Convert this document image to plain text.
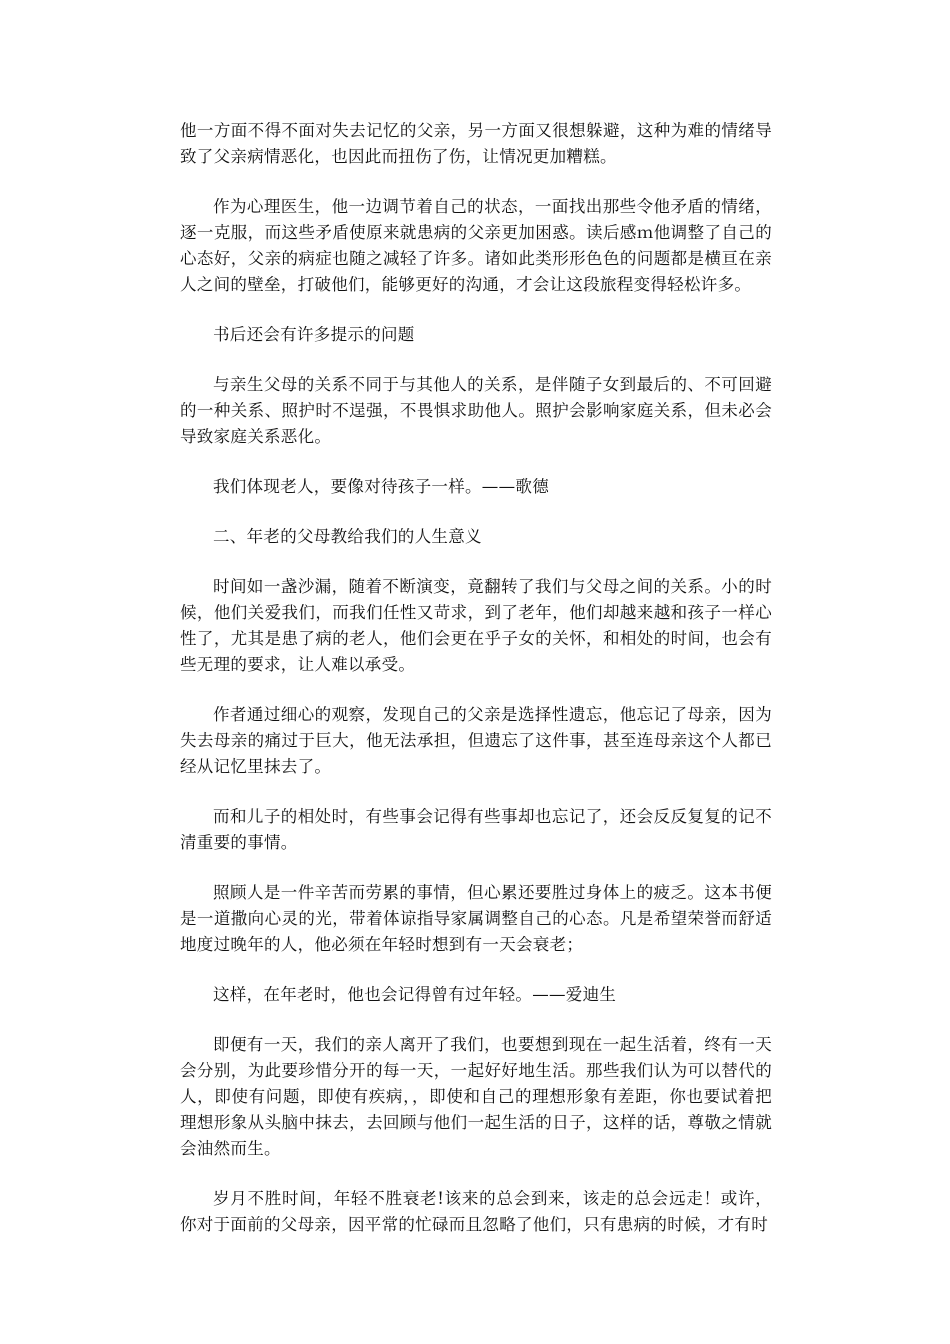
他一方面不得不面对失去记忆的父亲，另一方面又很想躲避，这种为难的情绪导致了父亲病情恶化，也因此而扭伤了伤，让情况更加糟糕。

作为心理医生，他一边调节着自己的状态，一面找出那些令他矛盾的情绪，逐一克服，而这些矛盾使原来就患病的父亲更加困惑。读后感ｍ他调整了自己的心态好，父亲的病症也随之减轻了许多。诸如此类形形色色的问题都是横亘在亲人之间的壁垒，打破他们，能够更好的沟通，才会让这段旅程变得轻松许多。

书后还会有许多提示的问题

与亲生父母的关系不同于与其他人的关系，是伴随子女到最后的、不可回避的一种关系、照护时不逞强，不畏惧求助他人。照护会影响家庭关系，但未必会导致家庭关系恶化。

我们体现老人，要像对待孩子一样。——歌德

二、年老的父母教给我们的人生意义

时间如一盏沙漏，随着不断演变，竟翻转了我们与父母之间的关系。小的时候，他们关爱我们，而我们任性又苛求，到了老年，他们却越来越和孩子一样心性了，尤其是患了病的老人，他们会更在乎子女的关怀，和相处的时间，也会有些无理的要求，让人难以承受。

作者通过细心的观察，发现自己的父亲是选择性遗忘，他忘记了母亲，因为失去母亲的痛过于巨大，他无法承担，但遗忘了这件事，甚至连母亲这个人都已经从记忆里抹去了。

而和儿子的相处时，有些事会记得有些事却也忘记了，还会反反复复的记不清重要的事情。

照顾人是一件辛苦而劳累的事情，但心累还要胜过身体上的疲乏。这本书便是一道撒向心灵的光，带着体谅指导家属调整自己的心态。凡是希望荣誉而舒适地度过晚年的人，他必须在年轻时想到有一天会衰老；

这样，在年老时，他也会记得曾有过年轻。——爱迪生

即便有一天，我们的亲人离开了我们，也要想到现在一起生活着，终有一天会分别，为此要珍惜分开的每一天，一起好好地生活。那些我们认为可以替代的人，即使有问题，即使有疾病，，即使和自己的理想形象有差距，你也要试着把理想形象从头脑中抹去，去回顾与他们一起生活的日子，这样的话，尊敬之情就会油然而生。

岁月不胜时间，年轻不胜衰老!该来的总会到来，该走的总会远走！或许，你对于面前的父母亲，因平常的忙碌而且忽略了他们，只有患病的时候，才有时
